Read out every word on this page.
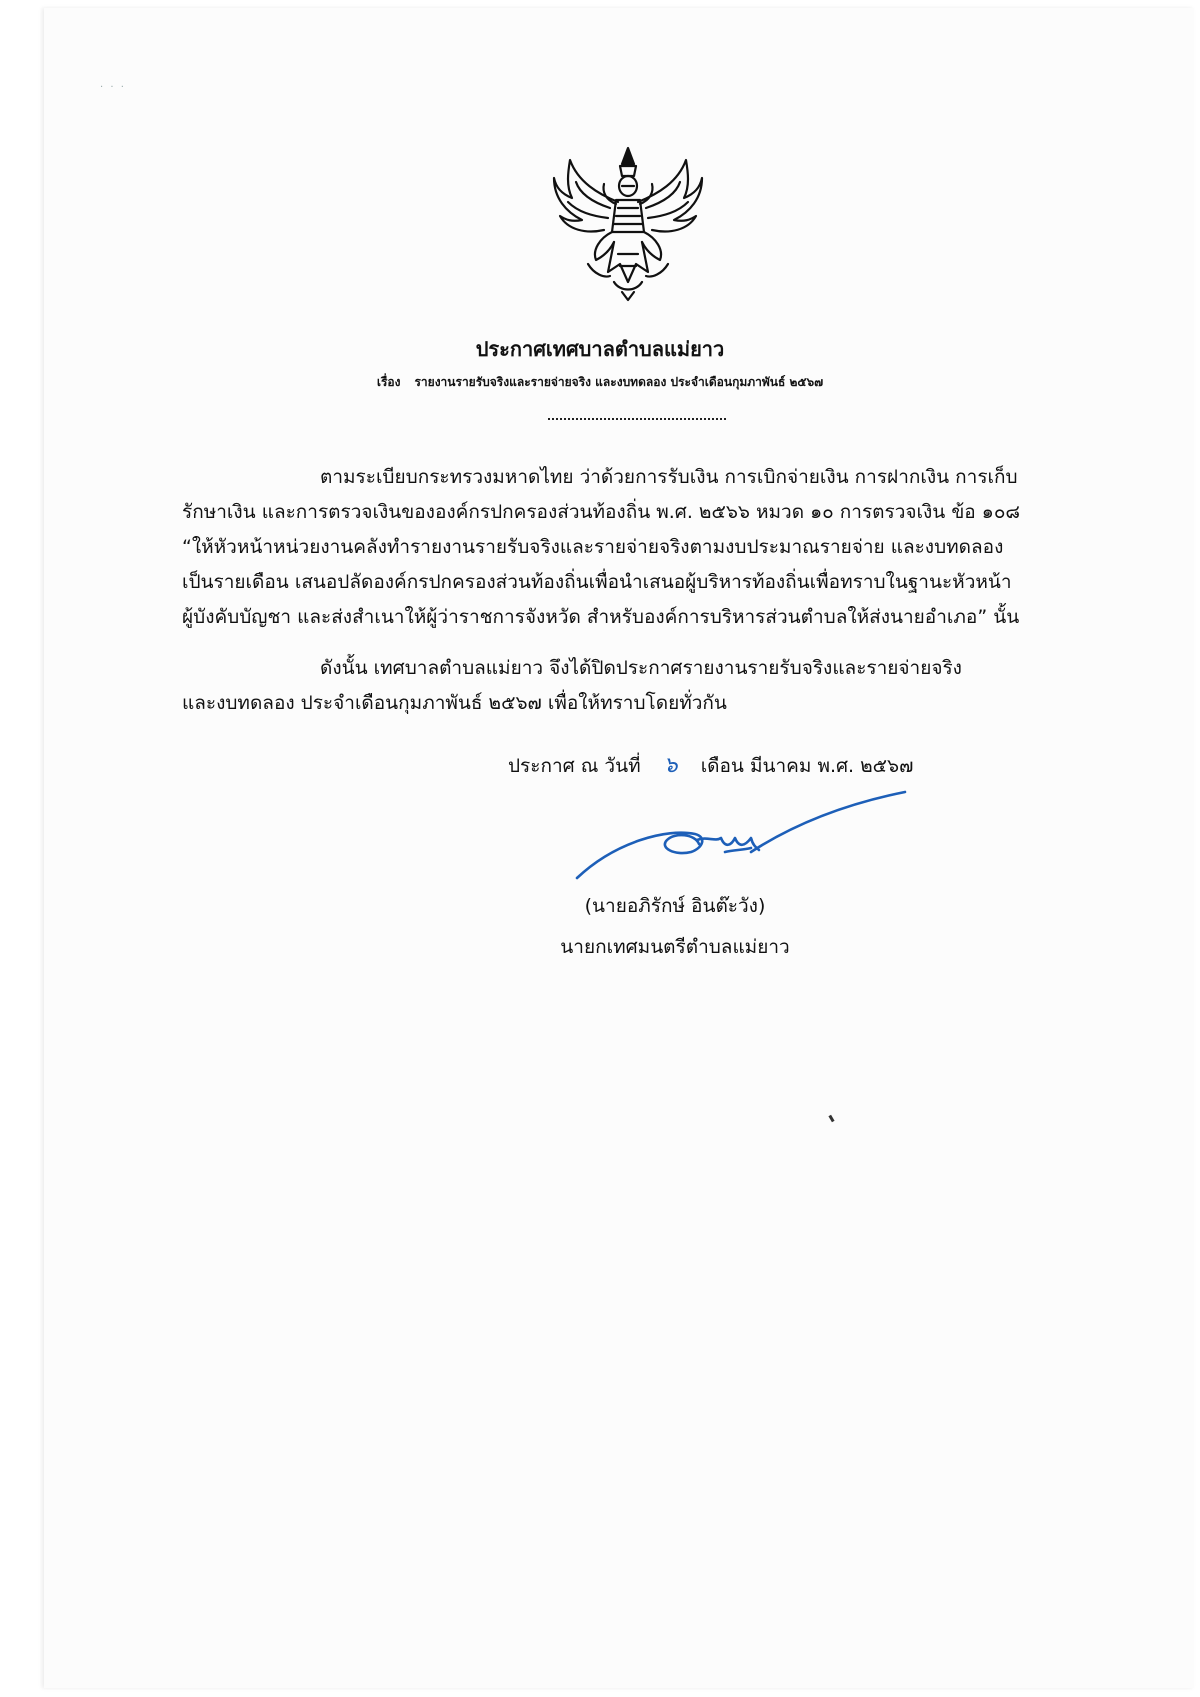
· · ·
ประกาศเทศบาลตำบลแม่ยาว
เรื่อง รายงานรายรับจริงและรายจ่ายจริง และงบทดลอง ประจำเดือนกุมภาพันธ์ ๒๕๖๗
ตามระเบียบกระทรวงมหาดไทย ว่าด้วยการรับเงิน การเบิกจ่ายเงิน การฝากเงิน การเก็บ
รักษาเงิน และการตรวจเงินขององค์กรปกครองส่วนท้องถิ่น พ.ศ. ๒๕๖๖ หมวด ๑๐ การตรวจเงิน ข้อ ๑๐๘
“ให้หัวหน้าหน่วยงานคลังทำรายงานรายรับจริงและรายจ่ายจริงตามงบประมาณรายจ่าย และงบทดลอง
เป็นรายเดือน เสนอปลัดองค์กรปกครองส่วนท้องถิ่นเพื่อนำเสนอผู้บริหารท้องถิ่นเพื่อทราบในฐานะหัวหน้า
ผู้บังคับบัญชา และส่งสำเนาให้ผู้ว่าราชการจังหวัด สำหรับองค์การบริหารส่วนตำบลให้ส่งนายอำเภอ” นั้น
ดังนั้น เทศบาลตำบลแม่ยาว จึงได้ปิดประกาศรายงานรายรับจริงและรายจ่ายจริง
และงบทดลอง ประจำเดือนกุมภาพันธ์ ๒๕๖๗ เพื่อให้ทราบโดยทั่วกัน
ประกาศ ณ วันที่ ๖ เดือน มีนาคม พ.ศ. ๒๕๖๗
(นายอภิรักษ์ อินต๊ะวัง)
นายกเทศมนตรีตำบลแม่ยาว
